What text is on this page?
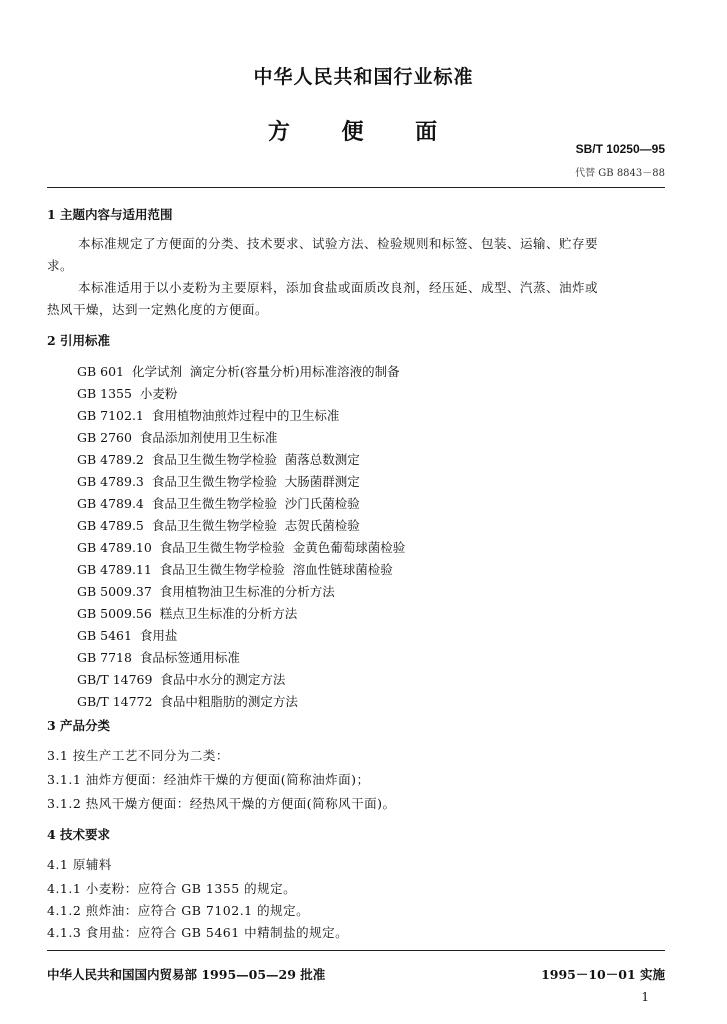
中华人民共和国行业标准
方 便 面
SB/T 10250—95
代替 GB 8843－88
1 主题内容与适用范围
本标准规定了方便面的分类、技术要求、试验方法、检验规则和标签、包装、运输、贮存要
求。
本标准适用于以小麦粉为主要原料，添加食盐或面质改良剂，经压延、成型、汽蒸、油炸或
热风干燥，达到一定熟化度的方便面。
2 引用标准
GB 601 化学试剂  滴定分析(容量分析)用标准溶液的制备
GB 1355 小麦粉
GB 7102.1 食用植物油煎炸过程中的卫生标准
GB 2760 食品添加剂使用卫生标准
GB 4789.2 食品卫生微生物学检验  菌落总数测定
GB 4789.3 食品卫生微生物学检验  大肠菌群测定
GB 4789.4 食品卫生微生物学检验  沙门氏菌检验
GB 4789.5 食品卫生微生物学检验  志贺氏菌检验
GB 4789.10 食品卫生微生物学检验  金黄色葡萄球菌检验
GB 4789.11 食品卫生微生物学检验  溶血性链球菌检验
GB 5009.37 食用植物油卫生标准的分析方法
GB 5009.56 糕点卫生标准的分析方法
GB 5461 食用盐
GB 7718 食品标签通用标准
GB/T 14769 食品中水分的测定方法
GB/T 14772 食品中粗脂肪的测定方法
3 产品分类
3.1 按生产工艺不同分为二类：
3.1.1 油炸方便面：经油炸干燥的方便面(简称油炸面)；
3.1.2 热风干燥方便面：经热风干燥的方便面(简称风干面)。
4 技术要求
4.1 原辅料
4.1.1 小麦粉：应符合 GB 1355 的规定。
4.1.2 煎炸油：应符合 GB 7102.1 的规定。
4.1.3 食用盐：应符合 GB 5461 中精制盐的规定。
中华人民共和国国内贸易部 1995—05—29 批准	1995－10－01 实施
1
